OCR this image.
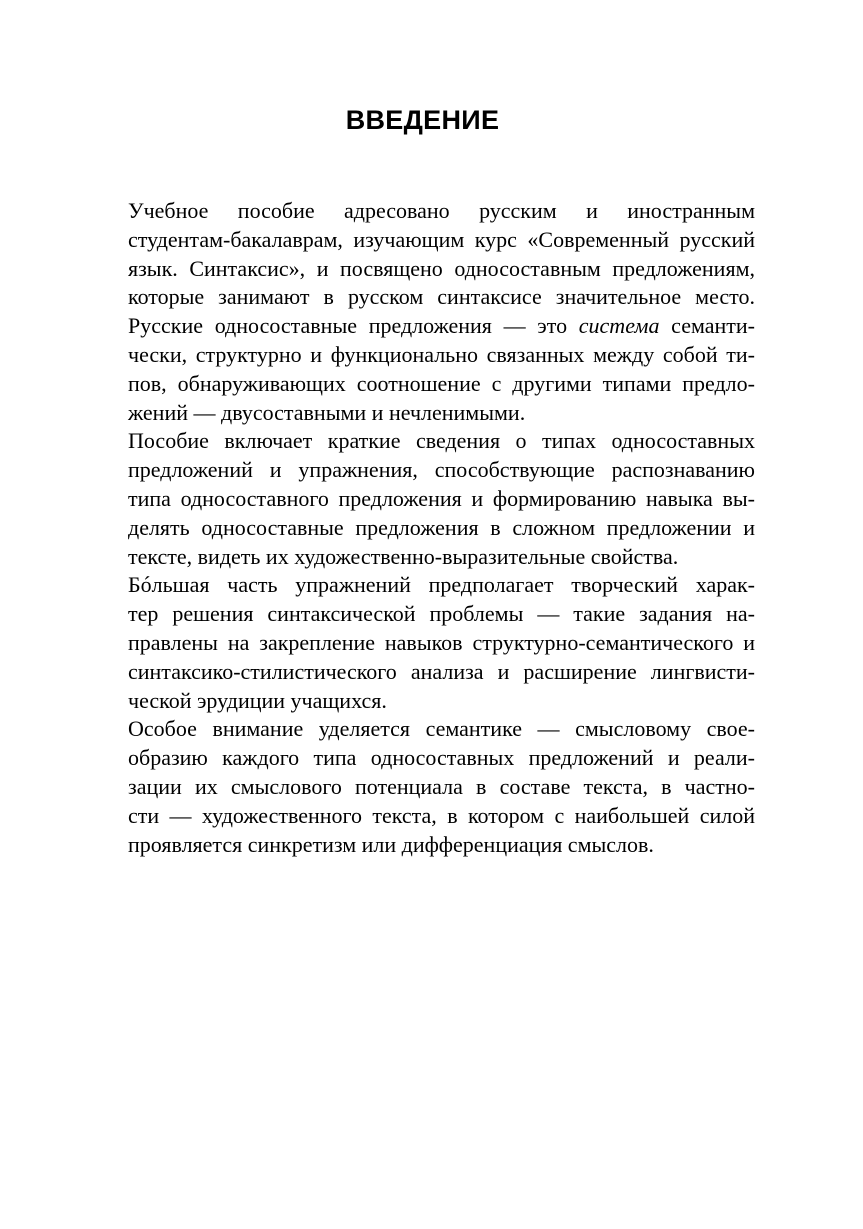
ВВЕДЕНИЕ
Учебное пособие адресовано русским и иностранным
студентам-бакалаврам, изучающим курс «Современный русский
язык. Синтаксис», и посвящено односоставным предложениям,
которые занимают в русском синтаксисе значительное место.
Русские односоставные предложения — это система семанти-
чески, структурно и функционально связанных между собой ти-
пов, обнаруживающих соотношение с другими типами предло-
жений — двусоставными и нечленимыми.
Пособие включает краткие сведения о типах односоставных
предложений и упражнения, способствующие распознаванию
типа односоставного предложения и формированию навыка вы-
делять односоставные предложения в сложном предложении и
тексте, видеть их художественно-выразительные свойства.
Бóльшая часть упражнений предполагает творческий харак-
тер решения синтаксической проблемы — такие задания на-
правлены на закрепление навыков структурно-семантического и
синтаксико-стилистического анализа и расширение лингвисти-
ческой эрудиции учащихся.
Особое внимание уделяется семантике — смысловому свое-
образию каждого типа односоставных предложений и реали-
зации их смыслового потенциала в составе текста, в частно-
сти — художественного текста, в котором с наибольшей силой
проявляется синкретизм или дифференциация смыслов.
